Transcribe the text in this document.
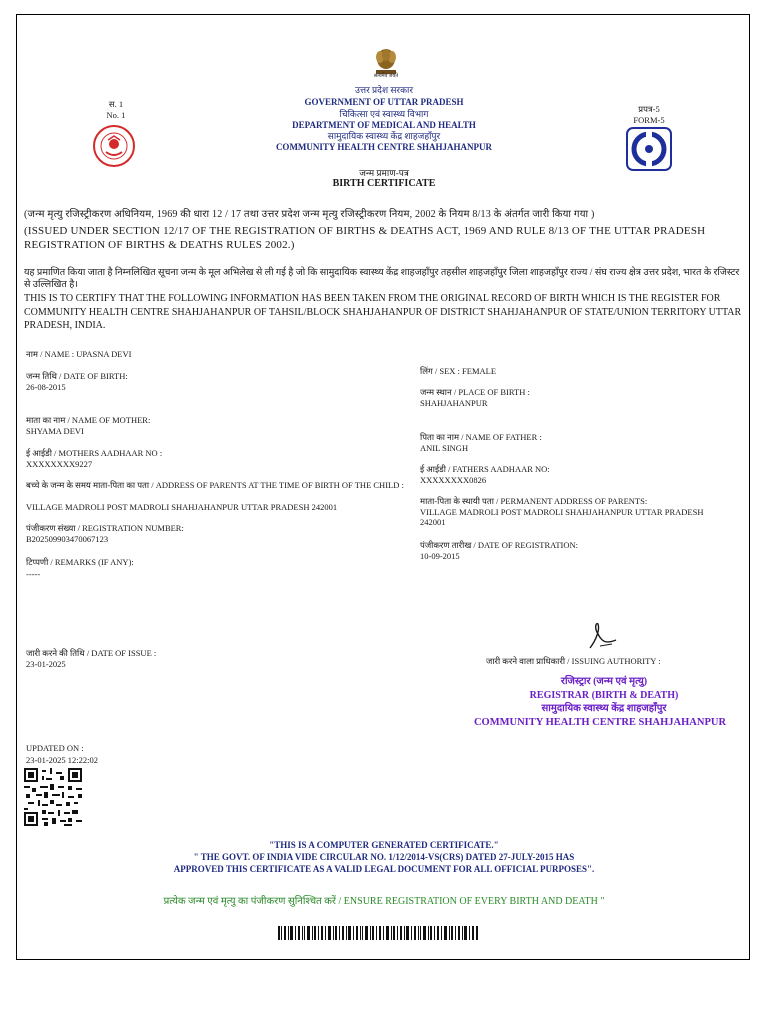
सत्यमेव जयते
उत्तर प्रदेश सरकार
GOVERNMENT OF UTTAR PRADESH
चिकित्सा एवं स्वास्थ्य विभाग
DEPARTMENT OF MEDICAL AND HEALTH
सामुदायिक स्वास्थ्य केंद्र शाहजहाँपुर
COMMUNITY HEALTH CENTRE SHAHJAHANPUR
स. 1
No. 1
प्रपत्र-5
FORM-5
जन्म प्रमाण-पत्र
BIRTH CERTIFICATE
(जन्म मृत्यु रजिस्ट्रीकरण अधिनियम, 1969 की धारा 12 / 17 तथा उत्तर प्रदेश जन्म मृत्यु रजिस्ट्रीकरण नियम, 2002 के नियम 8/13 के अंतर्गत जारी किया गया )
(ISSUED UNDER SECTION 12/17 OF THE REGISTRATION OF BIRTHS & DEATHS ACT, 1969 AND RULE 8/13 OF THE UTTAR PRADESH REGISTRATION OF BIRTHS & DEATHS RULES 2002.)
यह प्रमाणित किया जाता है निम्नलिखित सूचना जन्म के मूल अभिलेख से ली गई है जो कि सामुदायिक स्वास्थ्य केंद्र शाहजहाँपुर तहसील शाहजहाँपुर जिला शाहजहाँपुर राज्य / संघ राज्य क्षेत्र उत्तर प्रदेश, भारत के रजिस्टर से उल्लिखित है।
THIS IS TO CERTIFY THAT THE FOLLOWING INFORMATION HAS BEEN TAKEN FROM THE ORIGINAL RECORD OF BIRTH WHICH IS THE REGISTER FOR COMMUNITY HEALTH CENTRE SHAHJAHANPUR OF TAHSIL/BLOCK SHAHJAHANPUR OF DISTRICT SHAHJAHANPUR OF STATE/UNION TERRITORY UTTAR PRADESH, INDIA.
नाम / NAME : UPASNA DEVI
जन्म तिथि / DATE OF BIRTH:
26-08-2015
माता का नाम / NAME OF MOTHER:
SHYAMA DEVI
ई आईडी / MOTHERS AADHAAR NO :
XXXXXXXX9227
बच्चे के जन्म के समय माता-पिता का पता / ADDRESS OF PARENTS AT THE TIME OF BIRTH OF THE CHILD :
VILLAGE MADROLI POST MADROLI SHAHJAHANPUR UTTAR PRADESH 242001
पंजीकरण संख्या / REGISTRATION NUMBER:
B2025099034700671​23
टिप्पणी / REMARKS (IF ANY):
-----
लिंग / SEX : FEMALE
जन्म स्थान / PLACE OF BIRTH :
SHAHJAHANPUR
पिता का नाम / NAME OF FATHER :
ANIL SINGH
ई आईडी / FATHERS AADHAAR NO:
XXXXXXXX0826
माता-पिता के स्थायी पता / PERMANENT ADDRESS OF PARENTS:
VILLAGE MADROLI POST MADROLI SHAHJAHANPUR UTTAR PRADESH 242001
पंजीकरण तारीख / DATE OF REGISTRATION:
10-09-2015
जारी करने की तिथि / DATE OF ISSUE :
23-01-2025	जारी करने वाला प्राधिकारी / ISSUING AUTHORITY :
रजिस्ट्रार (जन्म एवं मृत्यु)
REGISTRAR (BIRTH & DEATH)
सामुदायिक स्वास्थ्य केंद्र शाहजहाँपुर
COMMUNITY HEALTH CENTRE SHAHJAHANPUR
UPDATED ON :
23-01-2025 12:22:02
"THIS IS A COMPUTER GENERATED CERTIFICATE."
" THE GOVT. OF INDIA VIDE CIRCULAR NO. 1/12/2014-VS(CRS) DATED 27-JULY-2015 HAS
APPROVED THIS CERTIFICATE AS A VALID LEGAL DOCUMENT FOR ALL OFFICIAL PURPOSES".
प्रत्येक जन्म एवं मृत्यु का पंजीकरण सुनिश्चित करें / ENSURE REGISTRATION OF EVERY BIRTH AND DEATH "
